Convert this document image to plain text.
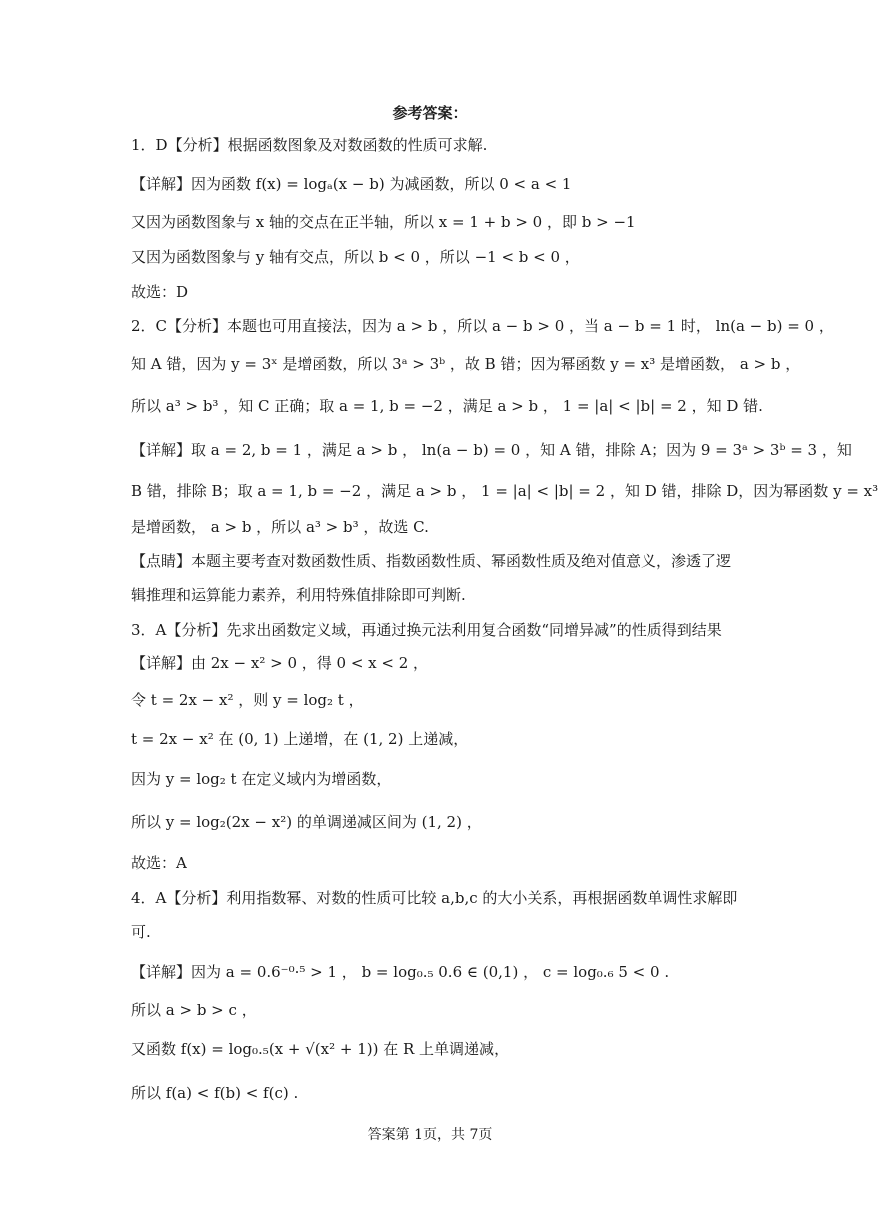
参考答案：
1．D【分析】根据函数图象及对数函数的性质可求解.
【详解】因为函数 f(x) = logₐ(x − b) 为减函数，所以 0 < a < 1
又因为函数图象与 x 轴的交点在正半轴，所以 x = 1 + b > 0 ，即 b > −1
又因为函数图象与 y 轴有交点，所以 b < 0 ，所以 −1 < b < 0 ，
故选：D
2．C【分析】本题也可用直接法，因为 a > b ，所以 a − b > 0 ，当 a − b = 1 时， ln(a − b) = 0 ，
知 A 错，因为 y = 3ˣ 是增函数，所以 3ᵃ > 3ᵇ ，故 B 错；因为幂函数 y = x³ 是增函数， a > b ，
所以 a³ > b³ ，知 C 正确；取 a = 1, b = −2 ，满足 a > b ， 1 = |a| < |b| = 2 ，知 D 错.
【详解】取 a = 2, b = 1 ，满足 a > b ， ln(a − b) = 0 ，知 A 错，排除 A；因为 9 = 3ᵃ > 3ᵇ = 3 ，知
B 错，排除 B；取 a = 1, b = −2 ，满足 a > b ， 1 = |a| < |b| = 2 ，知 D 错，排除 D，因为幂函数 y = x³
是增函数， a > b ，所以 a³ > b³ ，故选 C.
【点睛】本题主要考查对数函数性质、指数函数性质、幂函数性质及绝对值意义，渗透了逻
辑推理和运算能力素养，利用特殊值排除即可判断.
3．A【分析】先求出函数定义域，再通过换元法利用复合函数“同增异减”的性质得到结果
【详解】由 2x − x² > 0 ，得 0 < x < 2 ，
令 t = 2x − x² ，则 y = log₂ t ，
t = 2x − x² 在 (0, 1) 上递增，在 (1, 2) 上递减，
因为 y = log₂ t 在定义域内为增函数，
所以 y = log₂(2x − x²) 的单调递减区间为 (1, 2) ，
故选：A
4．A【分析】利用指数幂、对数的性质可比较 a,b,c 的大小关系，再根据函数单调性求解即
可.
【详解】因为 a = 0.6⁻⁰·⁵ > 1 ， b = log₀.₅ 0.6 ∈ (0,1) ， c = log₀.₆ 5 < 0 .
所以 a > b > c ，
又函数 f(x) = log₀.₅(x + √(x² + 1)) 在 R 上单调递减，
所以 f(a) < f(b) < f(c) .
答案第 1页，共 7页
